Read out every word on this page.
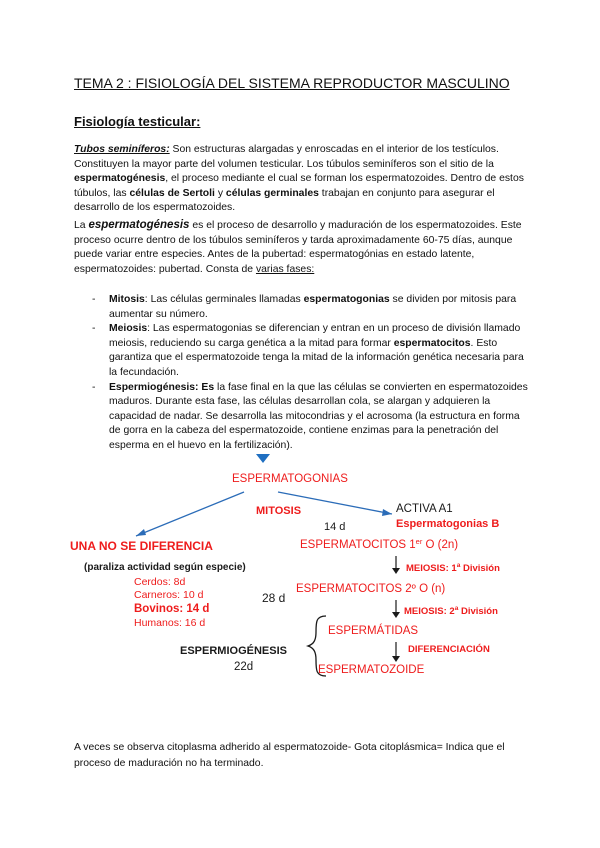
TEMA 2 : FISIOLOGÍA DEL SISTEMA REPRODUCTOR MASCULINO
Fisiología testicular:
Tubos seminíferos: Son estructuras alargadas y enroscadas en el interior de los testículos. Constituyen la mayor parte del volumen testicular. Los túbulos seminíferos son el sitio de la espermatogénesis, el proceso mediante el cual se forman los espermatozoides. Dentro de estos túbulos, las células de Sertoli y células germinales trabajan en conjunto para asegurar el desarrollo de los espermatozoides.
La espermatogénesis es el proceso de desarrollo y maduración de los espermatozoides. Este proceso ocurre dentro de los túbulos seminíferos y tarda aproximadamente 60-75 días, aunque puede variar entre especies. Antes de la pubertad: espermatogónias en estado latente, espermatozoides: pubertad. Consta de varias fases:
- Mitosis: Las células germinales llamadas espermatogonias se dividen por mitosis para aumentar su número.
- Meiosis: Las espermatogonias se diferencian y entran en un proceso de división llamado meiosis, reduciendo su carga genética a la mitad para formar espermatocitos. Esto garantiza que el espermatozoide tenga la mitad de la información genética necesaria para la fecundación.
- Espermiogénesis: Es la fase final en la que las células se convierten en espermatozoides maduros. Durante esta fase, las células desarrollan cola, se alargan y adquieren la capacidad de nadar. Se desarrolla las mitocondrias y el acrosoma (la estructura en forma de gorra en la cabeza del espermatozoide, contiene enzimas para la penetración del esperma en el huevo en la fertilización).
ESPERMATOGONIAS
MITOSIS
14 d
ACTIVA A1
Espermatogonias B
UNA NO SE DIFERENCIA
(paraliza actividad según especie)
Cerdos: 8d
Carneros: 10 d
Bovinos: 14 d
Humanos: 16 d
28 d
ESPERMATOCITOS 1er O (2n)
MEIOSIS: 1$^a$ División
ESPERMATOCITOS 2º O (n)
MEIOSIS: 2$^a$ División
ESPERMÁTIDAS
DIFERENCIACIÓN
ESPERMIOGÉNESIS
22d	ESPERMATOZOIDE
A veces se observa citoplasma adherido al espermatozoide- Gota citoplásmica= Indica que el proceso de maduración no ha terminado.
